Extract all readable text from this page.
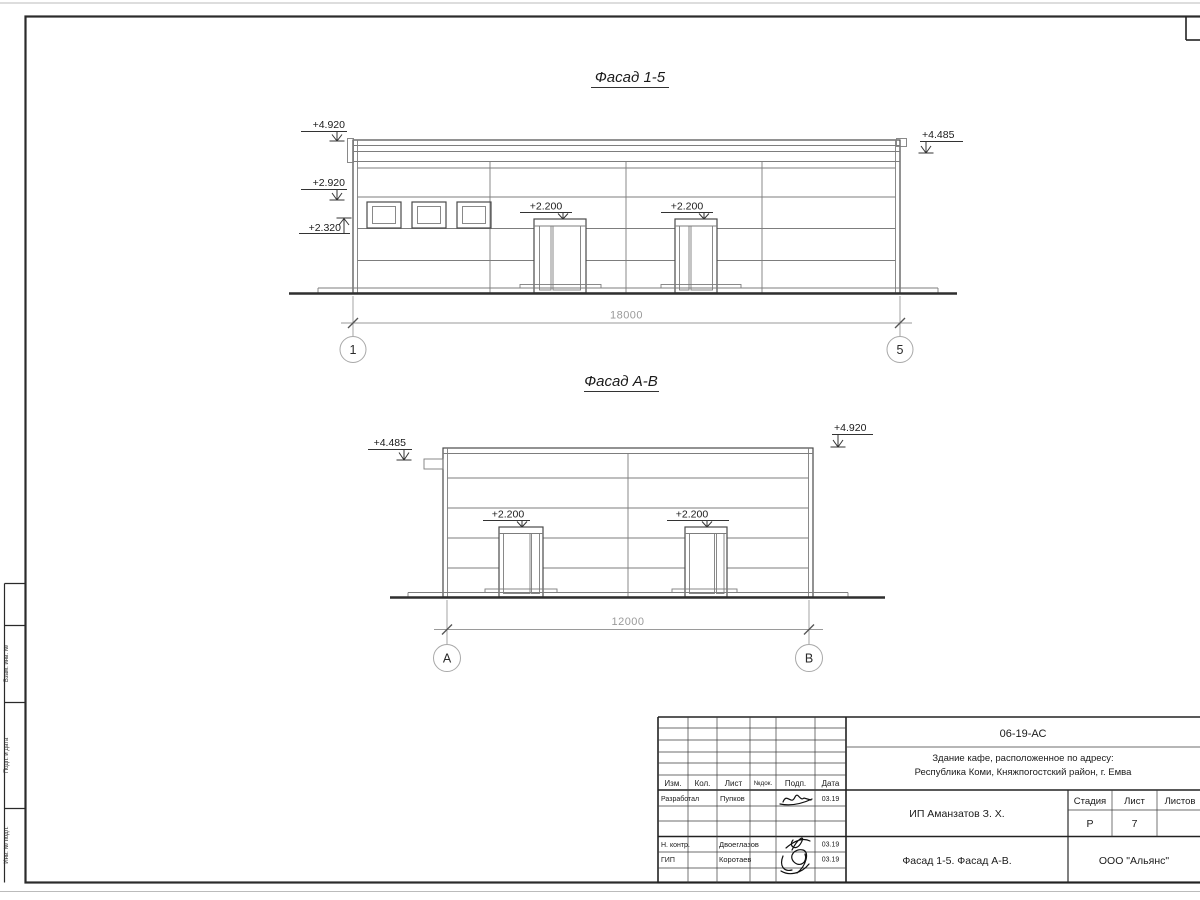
Взам. инв. №
Подп. и дата
Инв. № подл.
Фасад 1-5
+4.920
+2.920
+2.320
+2.200	+2.200
+4.485
18000
1	5
Фасад А-В
+4.485
+4.920
+2.200	+2.200
12000
А	В
06-19-АС
Здание кафе, расположенное по адресу:
Республика Коми, Княжпогостский район, г. Емва
ИП Аманзатов З. Х.
Стадия Лист Листов
Р	7
Фасад 1-5. Фасад А-В.	ООО "Альянс"
Изм. Кол. Лист №док. Подп. Дата
Разработал	Пупков	03.19
Н. контр.	Двоеглазов	03.19
ГИП	Коротаев	03.19
